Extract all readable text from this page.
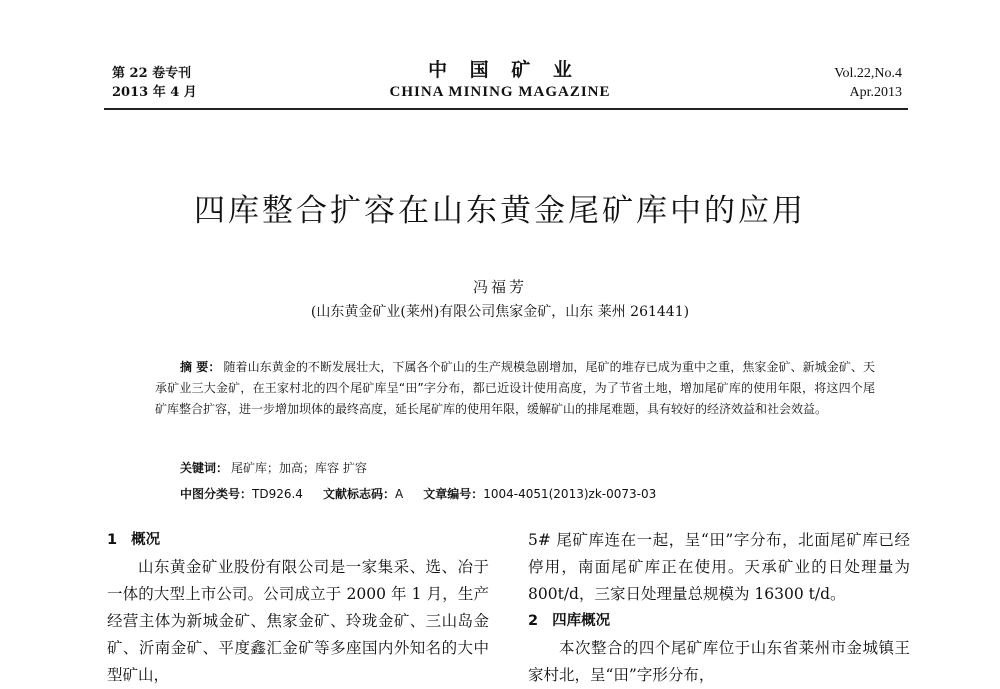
第 22 卷专刊
2013 年 4 月
中 国 矿 业
CHINA MINING MAGAZINE
Vol.22,No.4
Apr.2013
四库整合扩容在山东黄金尾矿库中的应用
冯福芳
(山东黄金矿业(莱州)有限公司焦家金矿，山东 莱州 261441)
摘 要： 随着山东黄金的不断发展壮大，下属各个矿山的生产规模急剧增加，尾矿的堆存已成为重中之重，焦家金矿、新城金矿、天承矿业三大金矿，在王家村北的四个尾矿库呈“田”字分布，都已近设计使用高度，为了节省土地，增加尾矿库的使用年限，将这四个尾矿库整合扩容，进一步增加坝体的最终高度，延长尾矿库的使用年限，缓解矿山的排尾难题，具有较好的经济效益和社会效益。
关键词： 尾矿库；加高；库容 扩容
中图分类号：TD926.4 文献标志码：A 文章编号：1004-4051(2013)zk-0073-03
1 概况
山东黄金矿业股份有限公司是一家集采、选、冶于一体的大型上市公司。公司成立于 2000 年 1 月，生产经营主体为新城金矿、焦家金矿、玲珑金矿、三山岛金矿、沂南金矿、平度鑫汇金矿等多座国内外知名的大中型矿山，
5# 尾矿库连在一起，呈“田”字分布，北面尾矿库已经停用，南面尾矿库正在使用。天承矿业的日处理量为 800t/d，三家日处理量总规模为 16300 t/d。
2 四库概况
本次整合的四个尾矿库位于山东省莱州市金城镇王家村北，呈“田”字形分布，
